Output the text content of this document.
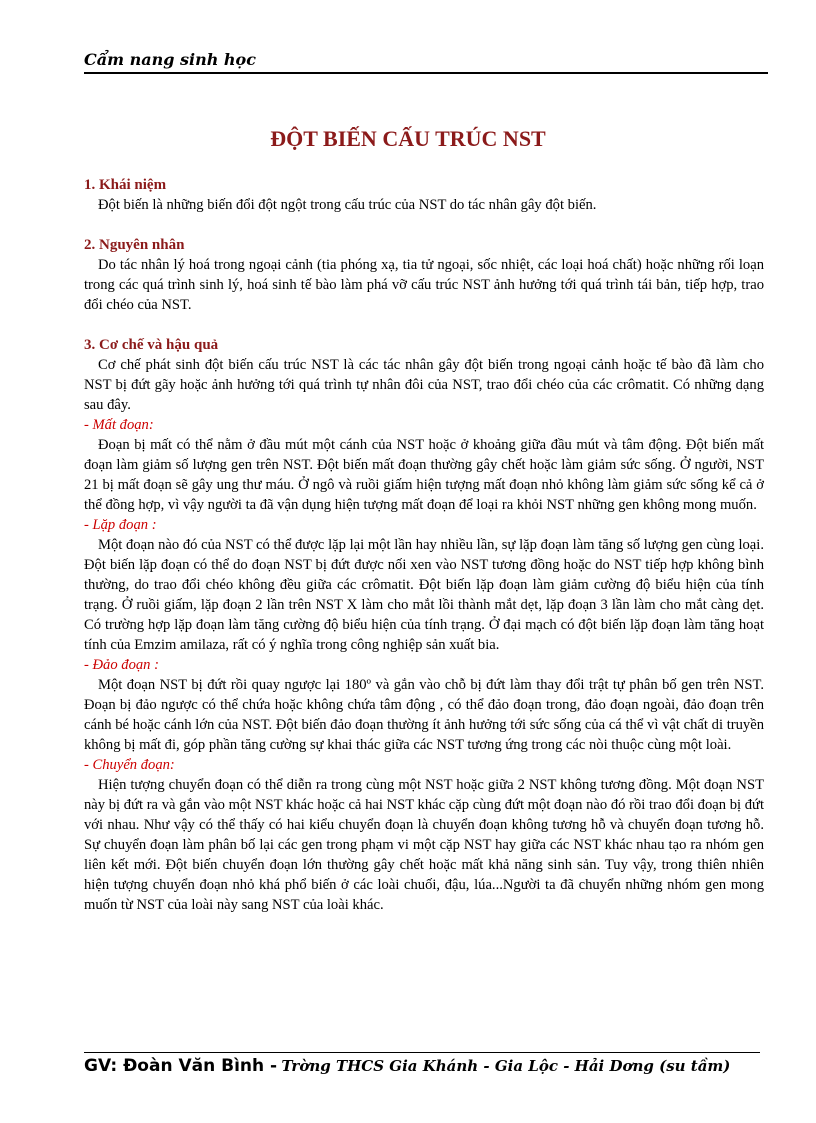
Cẩm nang sinh học
ĐỘT BIẾN CẤU TRÚC NST

1. Khái niệm

Đột biến là những biến đổi đột ngột trong cấu trúc của NST do tác nhân gây đột biến.

2. Nguyên nhân

Do tác nhân lý hoá trong ngoại cảnh (tia phóng xạ, tia tử ngoại, sốc nhiệt, các loại hoá chất) hoặc những rối loạn trong các quá trình sinh lý, hoá sinh tế bào làm phá vỡ cấu trúc NST ảnh hưởng tới quá trình tái bản, tiếp hợp, trao đổi chéo của NST.

3. Cơ chế và hậu quả

Cơ chế phát sinh đột biến cấu trúc NST là các tác nhân gây đột biến trong ngoại cảnh hoặc tế bào đã làm cho NST bị đứt gãy hoặc ảnh hưởng tới quá trình tự nhân đôi của NST, trao đổi chéo của các crômatit. Có những dạng sau đây.

- Mất đoạn:

Đoạn bị mất có thể nằm ở đầu mút một cánh của NST hoặc ở khoảng giữa đầu mút và tâm động. Đột biến mất đoạn làm giảm số lượng gen trên NST. Đột biến mất đoạn thường gây chết hoặc làm giảm sức sống. Ở người, NST 21 bị mất đoạn sẽ gây ung thư máu. Ở ngô và ruồi giấm hiện tượng mất đoạn nhỏ không làm giảm sức sống kể cả ở thể đồng hợp, vì vậy người ta đã vận dụng hiện tượng mất đoạn để loại ra khỏi NST những gen không mong muốn.

- Lặp đoạn :

Một đoạn nào đó của NST có thể được lặp lại một lần hay nhiều lần, sự lặp đoạn làm tăng số lượng gen cùng loại. Đột biến lặp đoạn có thể do đoạn NST bị đứt được nối xen vào NST tương đồng hoặc do NST tiếp hợp không bình thường, do trao đổi chéo không đều giữa các crômatit. Đột biến lặp đoạn làm giảm cường độ biểu hiện của tính trạng. Ở ruồi giấm, lặp đoạn 2 lần trên NST X làm cho mắt lồi thành mắt dẹt, lặp đoạn 3 lần làm cho mắt càng dẹt. Có trường hợp lặp đoạn làm tăng cường độ biểu hiện của tính trạng. Ở đại mạch có đột biến lặp đoạn làm tăng hoạt tính của Emzim amilaza, rất có ý nghĩa trong công nghiệp sản xuất bia.

- Đảo đoạn :

Một đoạn NST bị đứt rồi quay ngược lại 180º và gắn vào chỗ bị đứt làm thay đổi trật tự phân bố gen trên NST. Đoạn bị đảo ngược có thể chứa hoặc không chứa tâm động , có thể đảo đoạn trong, đảo đoạn ngoài, đảo đoạn trên cánh bé hoặc cánh lớn của NST. Đột biến đảo đoạn thường ít ảnh hưởng tới sức sống của cá thể vì vật chất di truyền không bị mất đi, góp phần tăng cường sự khai thác giữa các NST tương ứng trong các nòi thuộc cùng một loài.

- Chuyển đoạn:

Hiện tượng chuyển đoạn có thể diễn ra trong cùng một NST hoặc giữa 2 NST không tương đồng. Một đoạn NST này bị đứt ra và gắn vào một NST khác hoặc cả hai NST khác cặp cùng đứt một đoạn nào đó rồi trao đổi đoạn bị đứt với nhau. Như vậy có thể thấy có hai kiểu chuyển đoạn là chuyển đoạn không tương hỗ và chuyển đoạn tương hỗ. Sự chuyển đoạn làm phân bố lại các gen trong phạm vi một cặp NST hay giữa các NST khác nhau tạo ra nhóm gen liên kết mới. Đột biến chuyển đoạn lớn thường gây chết hoặc mất khả năng sinh sản. Tuy vậy, trong thiên nhiên hiện tượng chuyển đoạn nhỏ khá phổ biến ở các loài chuối, đậu, lúa...Người ta đã chuyển những nhóm gen mong muốn từ NST của loài này sang NST của loài khác.

GV: Đoàn Văn Bình - Trờng THCS Gia Khánh - Gia Lộc - Hải Dơng (su tầm)
